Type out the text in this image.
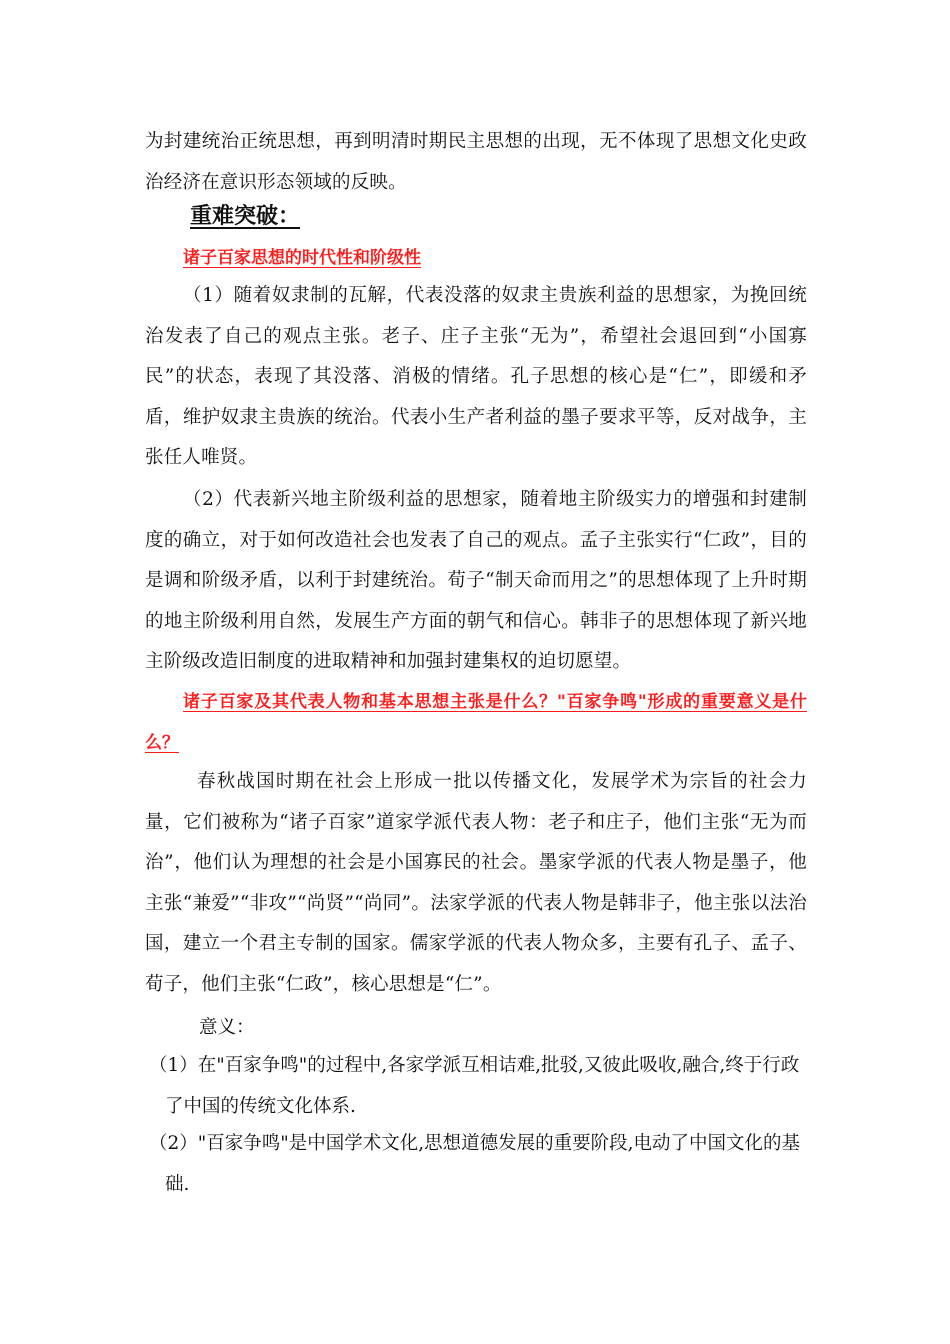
为封建统治正统思想，再到明清时期民主思想的出现，无不体现了思想文化史政治经济在意识形态领域的反映。

重难突破：
诸子百家思想的时代性和阶级性

（1）随着奴隶制的瓦解，代表没落的奴隶主贵族利益的思想家，为挽回统治发表了自己的观点主张。老子、庄子主张“无为”，希望社会退回到“小国寡民”的状态，表现了其没落、消极的情绪。孔子思想的核心是“仁”，即缓和矛盾，维护奴隶主贵族的统治。代表小生产者利益的墨子要求平等，反对战争，主张任人唯贤。

（2）代表新兴地主阶级利益的思想家，随着地主阶级实力的增强和封建制度的确立，对于如何改造社会也发表了自己的观点。孟子主张实行“仁政”，目的是调和阶级矛盾，以利于封建统治。荀子“制天命而用之”的思想体现了上升时期的地主阶级利用自然，发展生产方面的朝气和信心。韩非子的思想体现了新兴地主阶级改造旧制度的进取精神和加强封建集权的迫切愿望。

诸子百家及其代表人物和基本思想主张是什么？"百家争鸣"形成的重要意义是什么？

春秋战国时期在社会上形成一批以传播文化，发展学术为宗旨的社会力量，它们被称为“诸子百家”道家学派代表人物：老子和庄子，他们主张“无为而治”，他们认为理想的社会是小国寡民的社会。墨家学派的代表人物是墨子，他主张“兼爱”“非攻”“尚贤”“尚同”。法家学派的代表人物是韩非子，他主张以法治国，建立一个君主专制的国家。儒家学派的代表人物众多，主要有孔子、孟子、荀子，他们主张“仁政”，核心思想是“仁”。

意义：

（1）在"百家争鸣"的过程中,各家学派互相诘难,批驳,又彼此吸收,融合,终于行政了中国的传统文化体系.

（2）"百家争鸣"是中国学术文化,思想道德发展的重要阶段,电动了中国文化的基础.
